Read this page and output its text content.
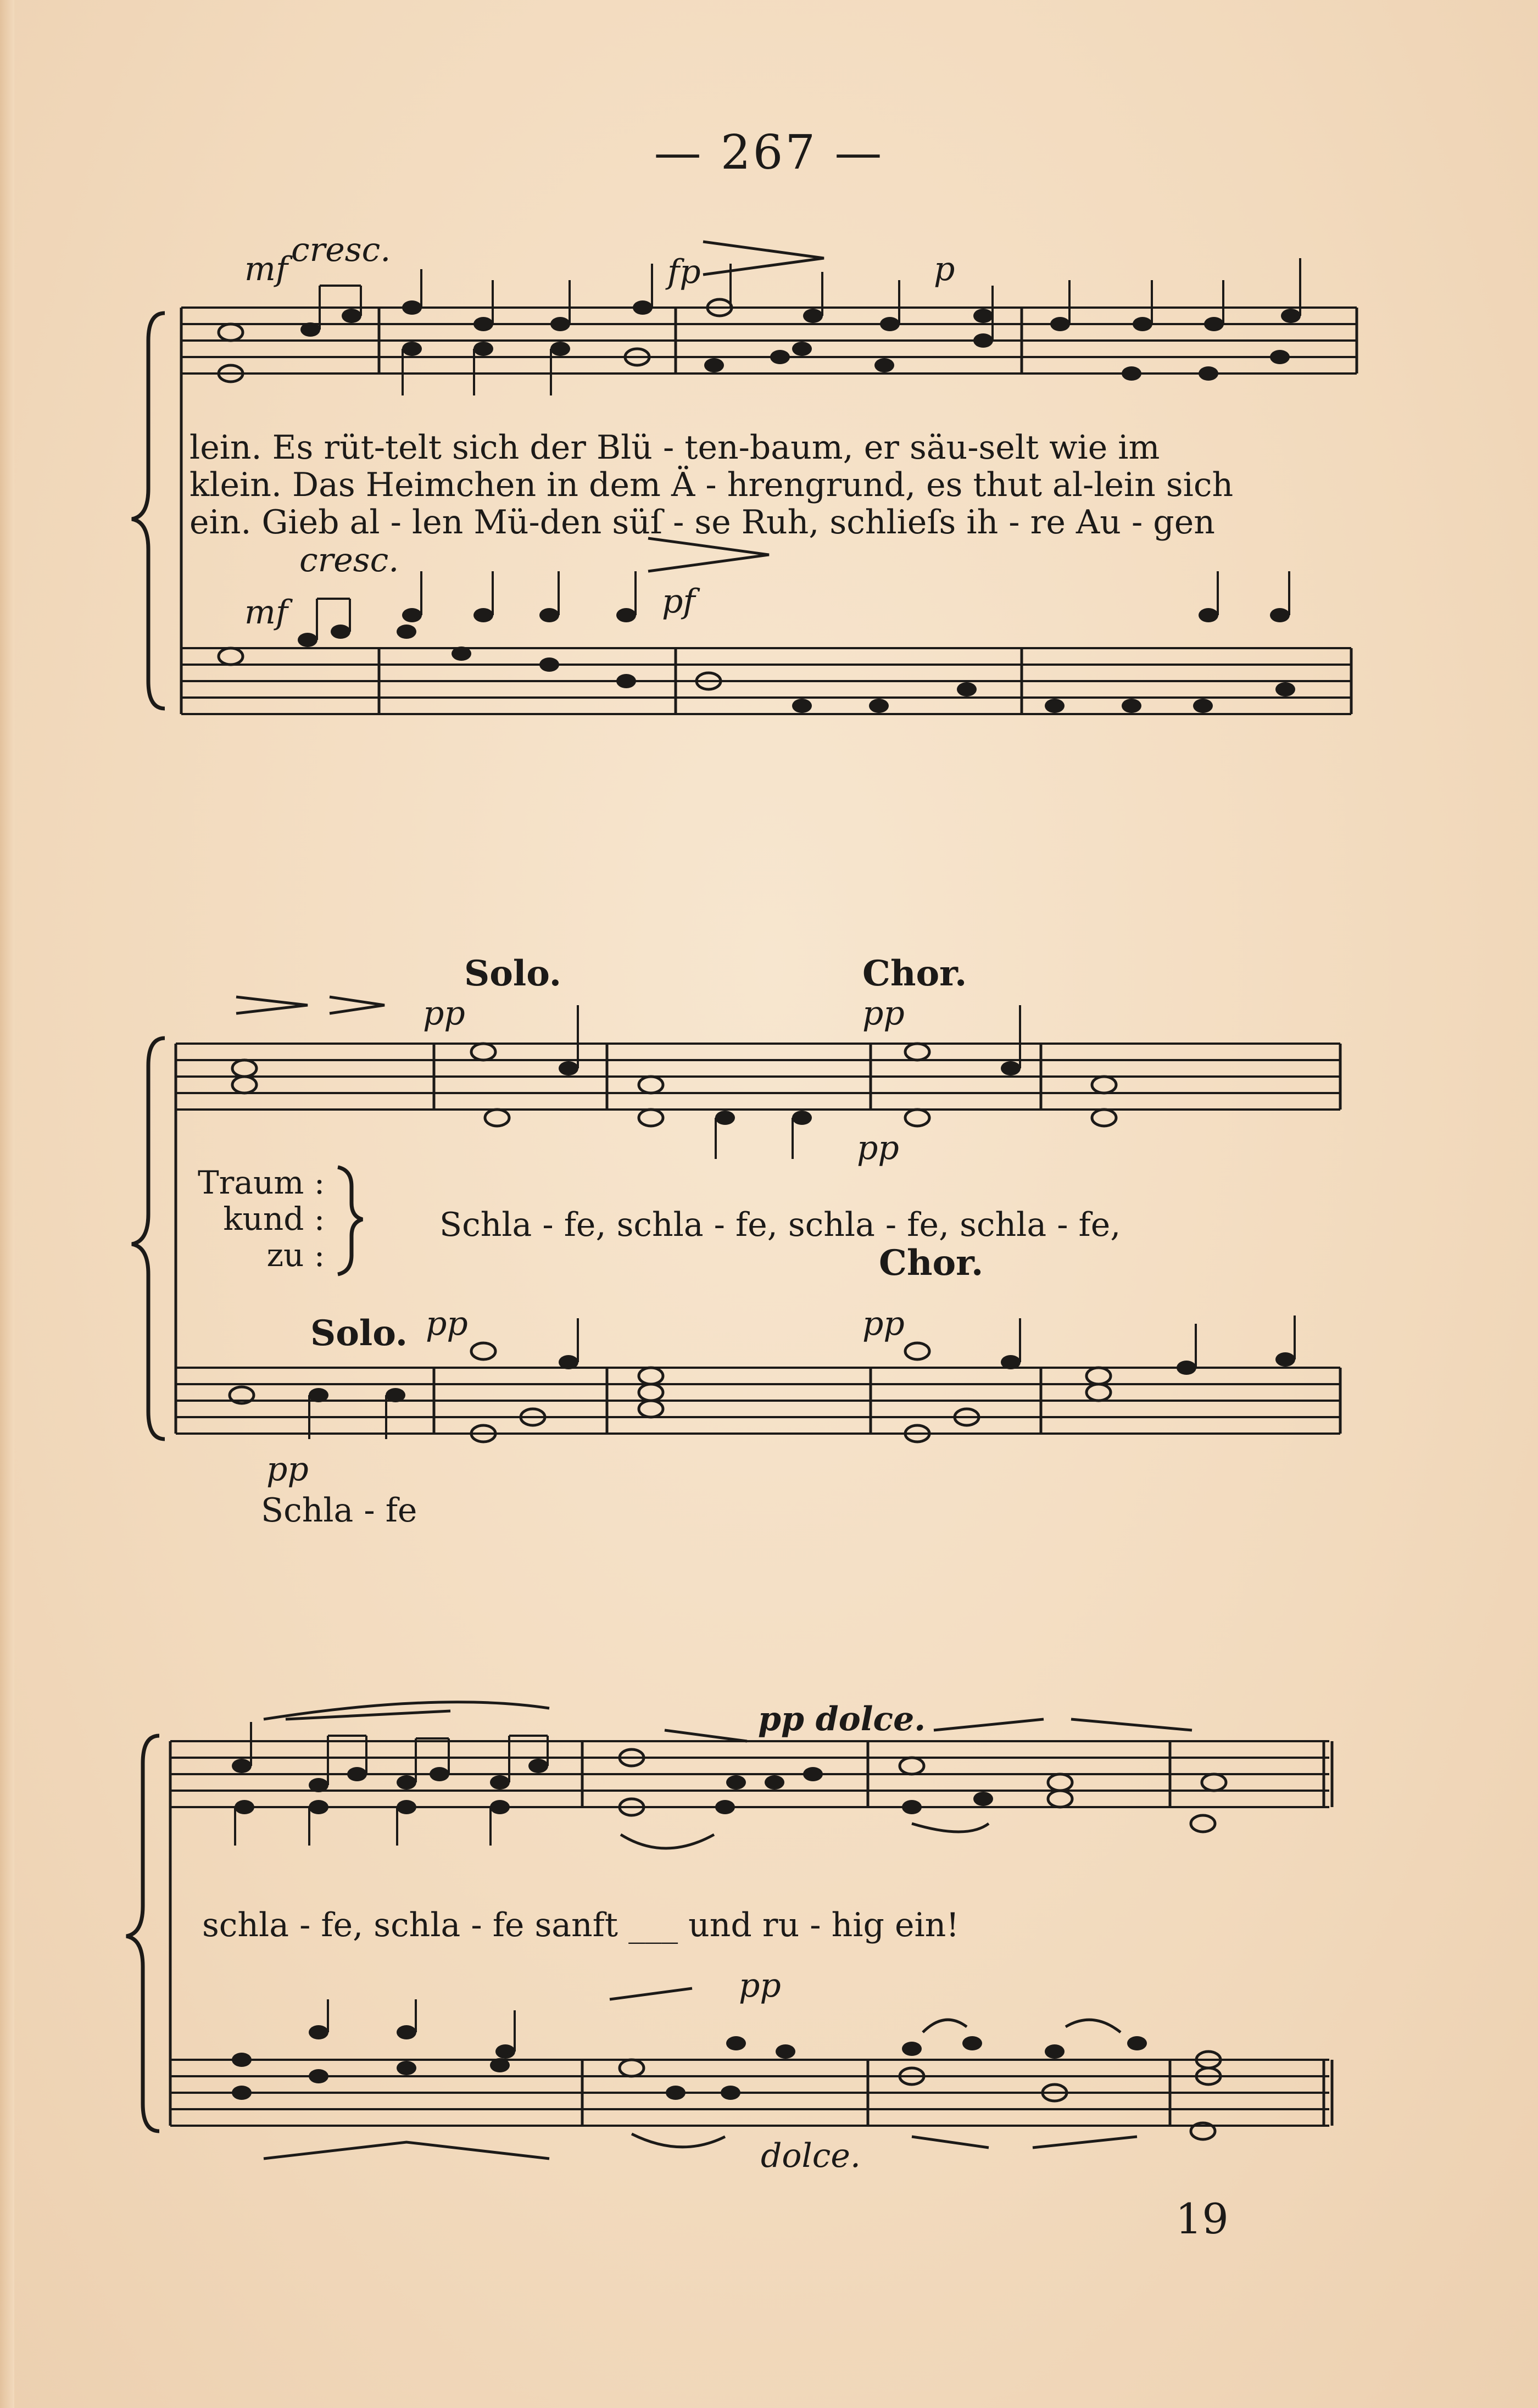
— 267 —
mf cresc.
fp	p
lein. Es rüt-telt sich der Blü - ten-baum, er säu-selt wie im
klein. Das Heimchen in dem Ä - hrengrund, es thut al-lein sich
ein. Gieb al - len Mü-den süſ - se Ruh, schlieſs ih - re Au - gen
cresc.
mf	pf
Solo.	Chor.
pp	pp
pp
Traum :
kund :
zu :
Schla - fe, schla - fe, schla - fe, schla - fe,
Chor.
Solo. pp	pp
pp
Schla - fe
pp dolce.
schla - fe, schla - fe sanft ___ und ru - hig ein!
pp
dolce.
19
